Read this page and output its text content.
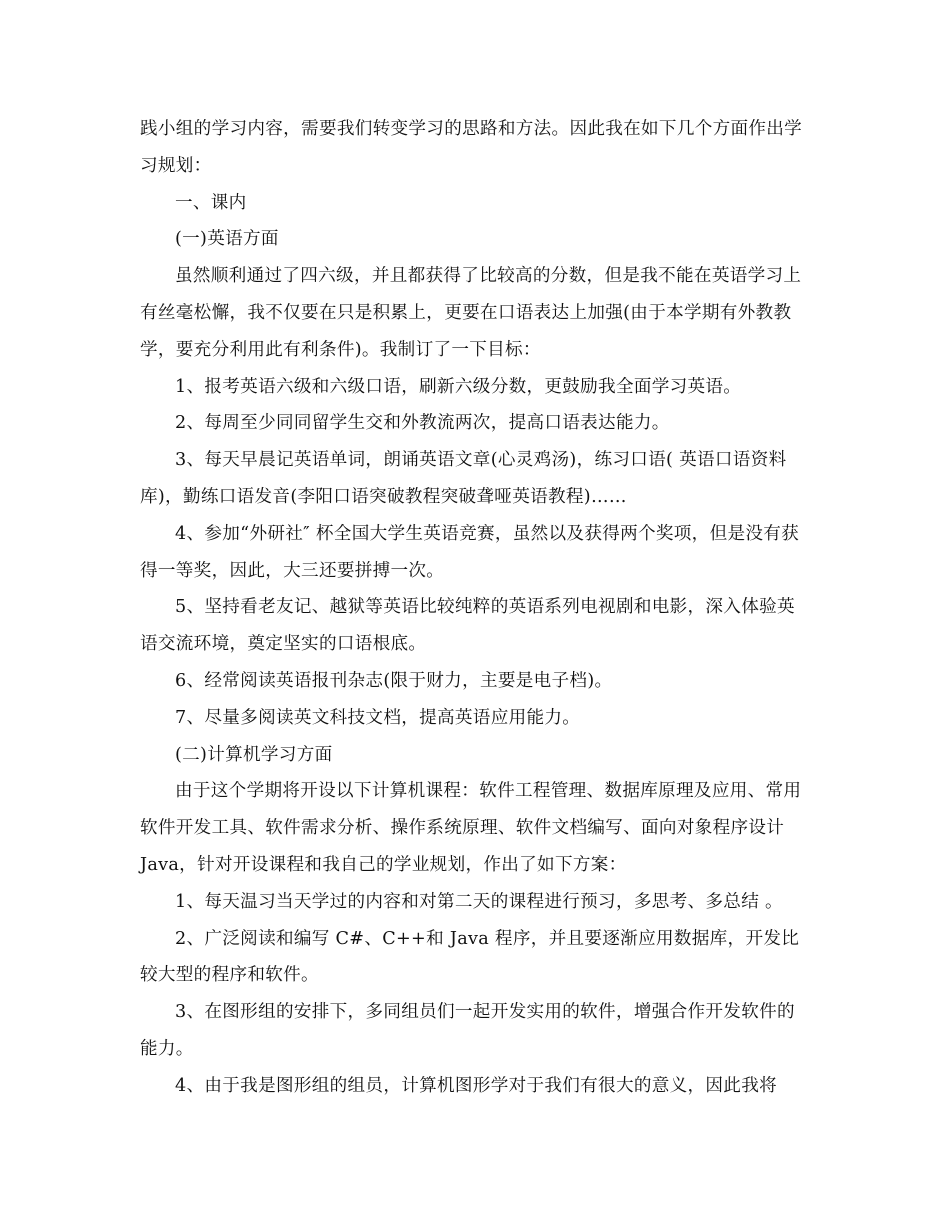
践小组的学习内容，需要我们转变学习的思路和方法。因此我在如下几个方面作出学习规划：

一、课内

(一)英语方面

虽然顺利通过了四六级，并且都获得了比较高的分数，但是我不能在英语学习上有丝毫松懈，我不仅要在只是积累上，更要在口语表达上加强(由于本学期有外教教学，要充分利用此有利条件)。我制订了一下目标：

1、报考英语六级和六级口语，刷新六级分数，更鼓励我全面学习英语。

2、每周至少同同留学生交和外教流两次，提高口语表达能力。

3、每天早晨记英语单词，朗诵英语文章(心灵鸡汤)，练习口语( 英语口语资料库)，勤练口语发音(李阳口语突破教程突破聋哑英语教程)……

4、参加“外研社″ 杯全国大学生英语竞赛，虽然以及获得两个奖项，但是没有获得一等奖，因此，大三还要拼搏一次。

5、坚持看老友记、越狱等英语比较纯粹的英语系列电视剧和电影，深入体验英语交流环境，奠定坚实的口语根底。

6、经常阅读英语报刊杂志(限于财力，主要是电子档)。

7、尽量多阅读英文科技文档，提高英语应用能力。

(二)计算机学习方面

由于这个学期将开设以下计算机课程：软件工程管理、数据库原理及应用、常用软件开发工具、软件需求分析、操作系统原理、软件文档编写、面向对象程序设计 Java，针对开设课程和我自己的学业规划，作出了如下方案：

1、每天温习当天学过的内容和对第二天的课程进行预习，多思考、多总结 。

2、广泛阅读和编写 C#、C++和 Java 程序，并且要逐渐应用数据库，开发比较大型的程序和软件。

3、在图形组的安排下，多同组员们一起开发实用的软件，增强合作开发软件的能力。

4、由于我是图形组的组员，计算机图形学对于我们有很大的意义，因此我将
